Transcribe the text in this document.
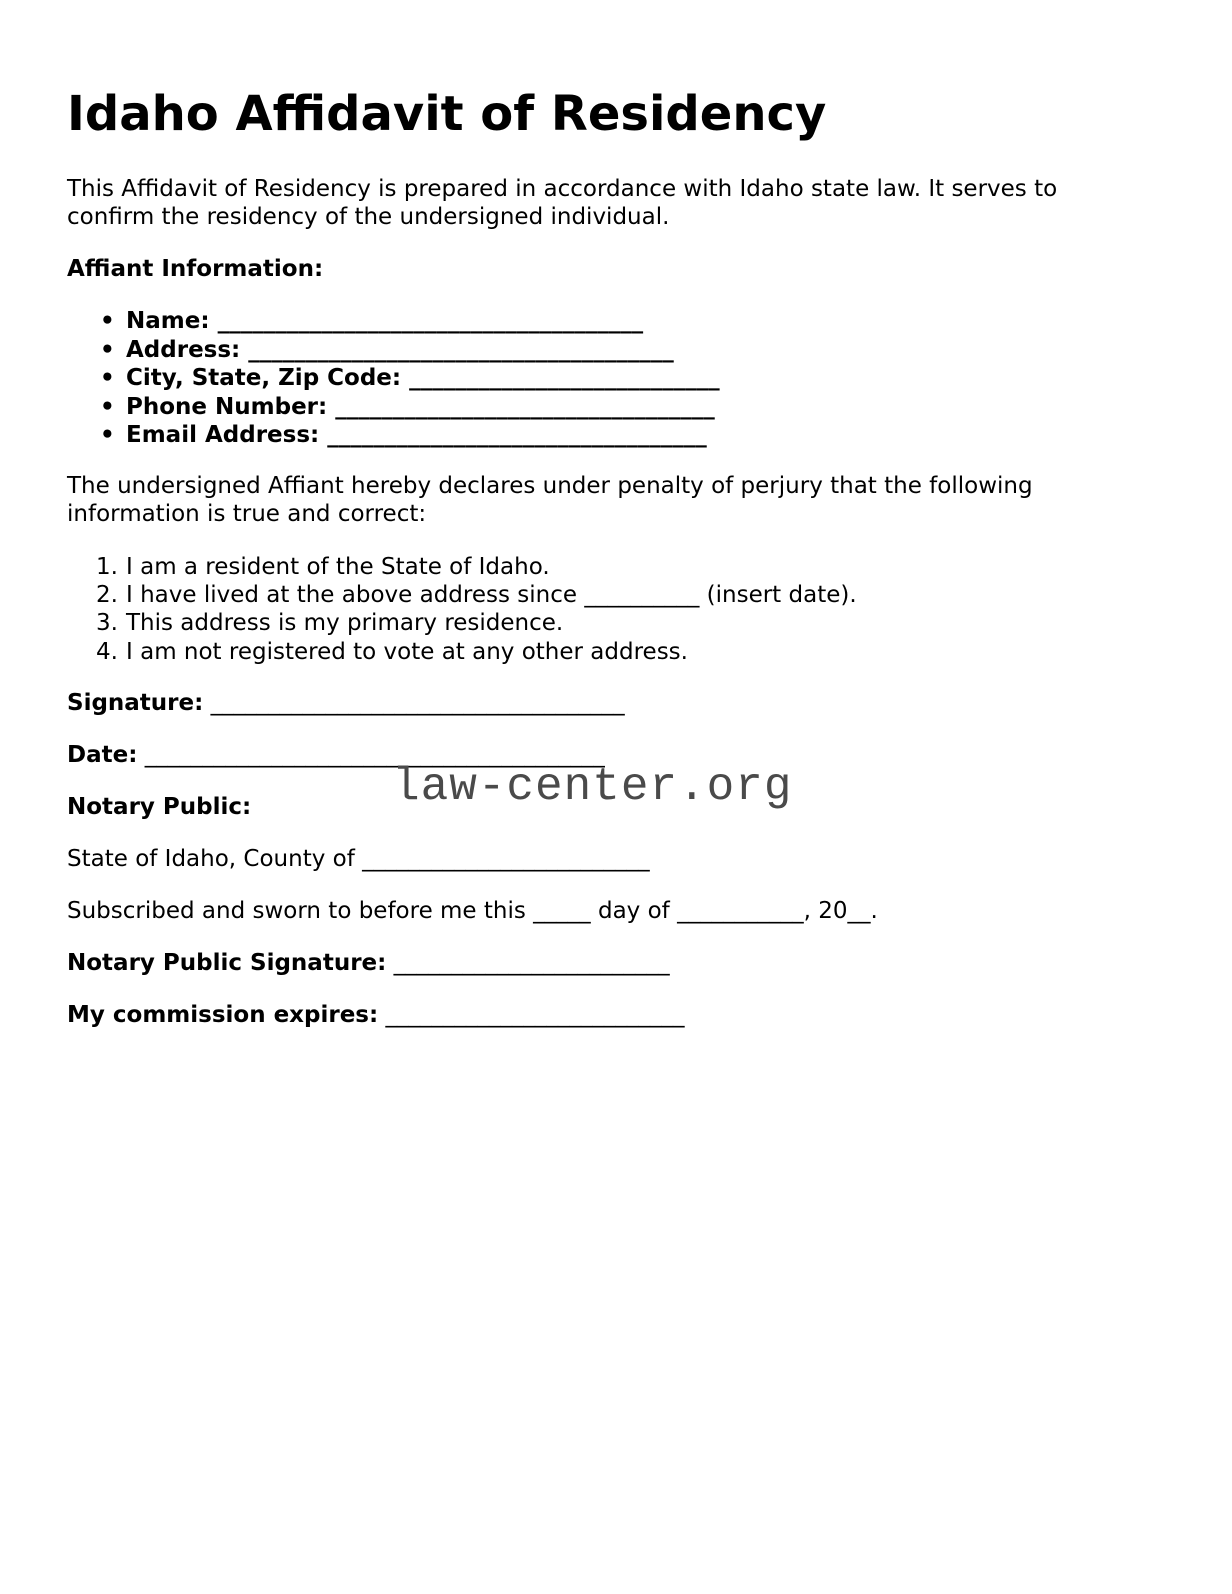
Idaho Affidavit of Residency

This Affidavit of Residency is prepared in accordance with Idaho state law. It serves to confirm the residency of the undersigned individual.

Affiant Information:

• Name: _____________________________________
• Address: _____________________________________
• City, State, Zip Code: ___________________________
• Phone Number: _________________________________
• Email Address: _________________________________

The undersigned Affiant hereby declares under penalty of perjury that the following information is true and correct:

1. I am a resident of the State of Idaho.
2. I have lived at the above address since __________ (insert date).
3. This address is my primary residence.
4. I am not registered to vote at any other address.

Signature: ____________________________________

Date: ________________________________________

Notary Public:

State of Idaho, County of _________________________

Subscribed and sworn to before me this _____ day of ___________, 20__.

Notary Public Signature: ________________________

My commission expires: __________________________

law-center.org
